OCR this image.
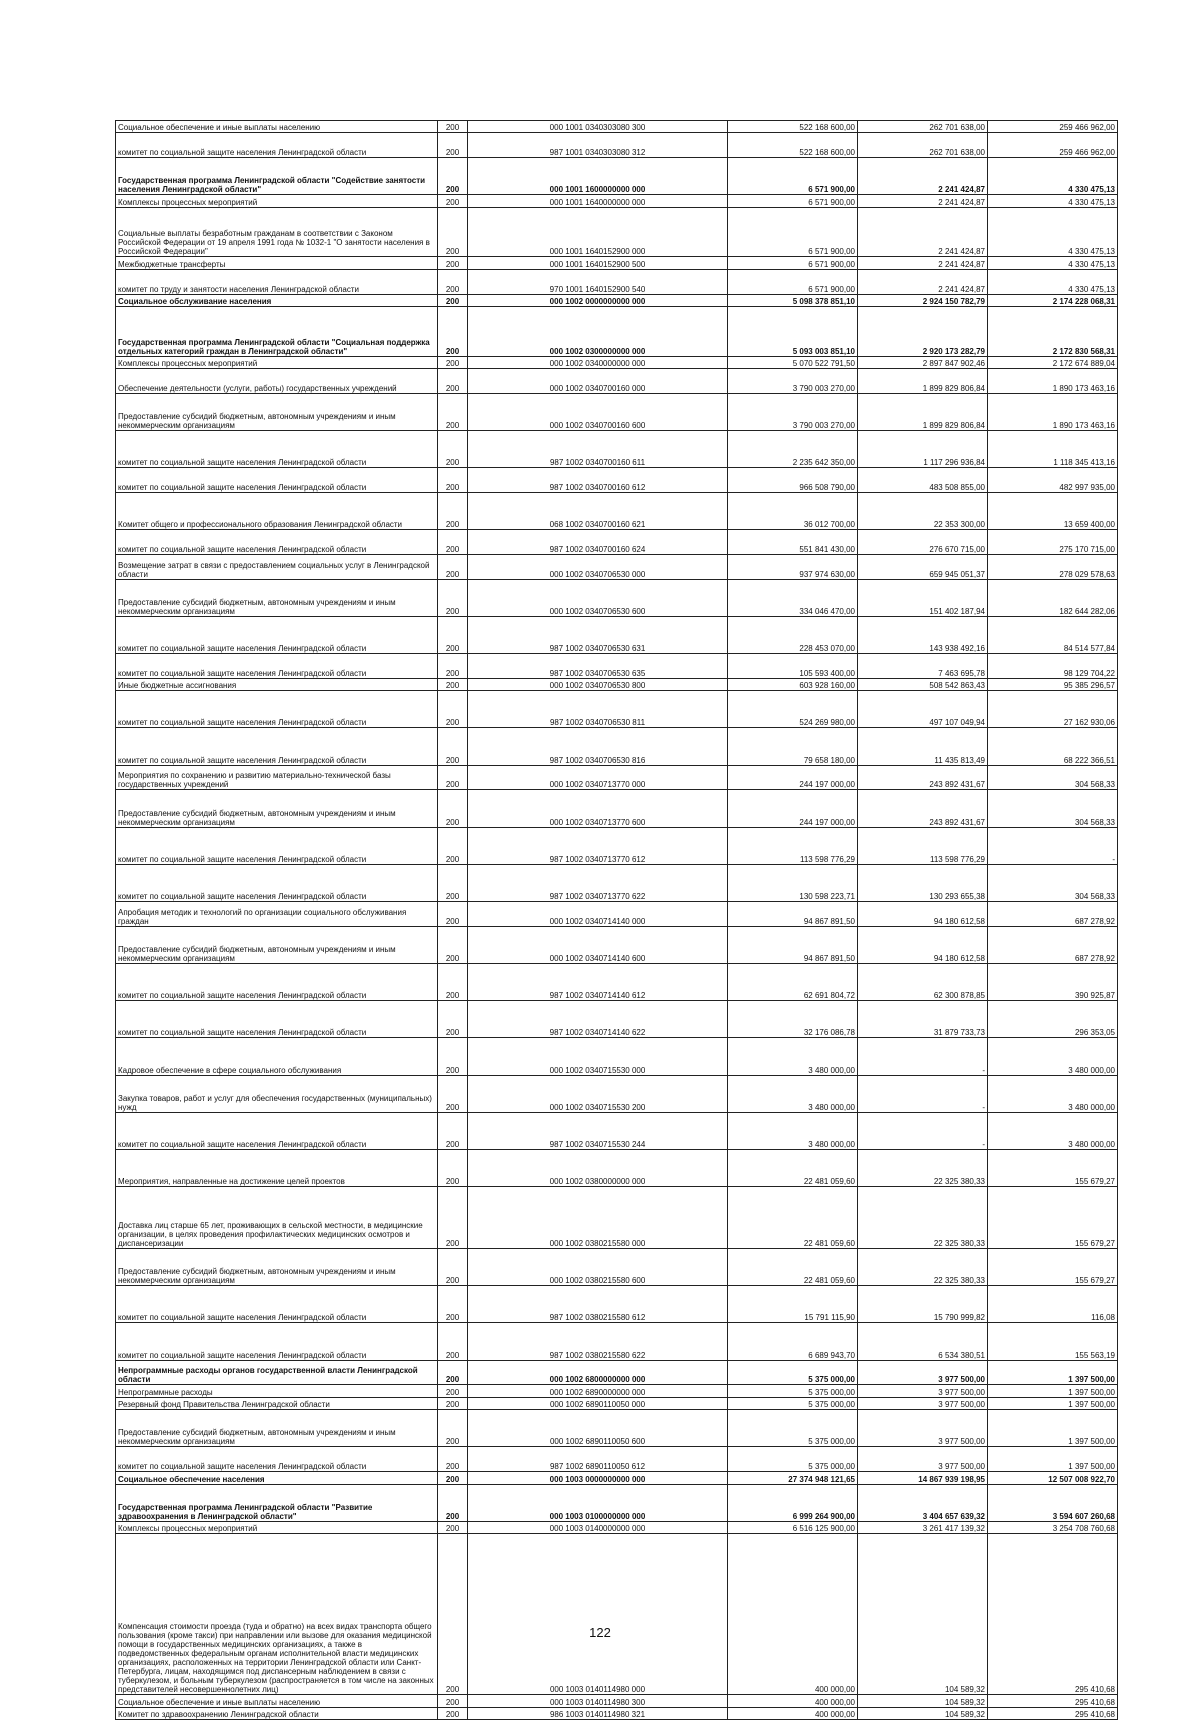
Социальное обеспечение и иные выплаты населению	200	000 1001 0340303080 300	522 168 600,00	262 701 638,00	259 466 962,00
комитет по социальной защите населения Ленинградской области	200	987 1001 0340303080 312	522 168 600,00	262 701 638,00	259 466 962,00
Государственная программа Ленинградской области "Содействие занятости населения Ленинградской области"	200	000 1001 1600000000 000	6 571 900,00	2 241 424,87	4 330 475,13
Комплексы процессных мероприятий	200	000 1001 1640000000 000	6 571 900,00	2 241 424,87	4 330 475,13
Социальные выплаты безработным гражданам в соответствии с Законом Российской Федерации от 19 апреля 1991 года № 1032-1 "О занятости населения в Российской Федерации"	200	000 1001 1640152900 000	6 571 900,00	2 241 424,87	4 330 475,13
Межбюджетные трансферты	200	000 1001 1640152900 500	6 571 900,00	2 241 424,87	4 330 475,13
комитет по труду и занятости населения Ленинградской области	200	970 1001 1640152900 540	6 571 900,00	2 241 424,87	4 330 475,13
Социальное обслуживание населения	200	000 1002 0000000000 000	5 098 378 851,10	2 924 150 782,79	2 174 228 068,31
Государственная программа Ленинградской области "Социальная поддержка отдельных категорий граждан в Ленинградской области"	200	000 1002 0300000000 000	5 093 003 851,10	2 920 173 282,79	2 172 830 568,31
Комплексы процессных мероприятий	200	000 1002 0340000000 000	5 070 522 791,50	2 897 847 902,46	2 172 674 889,04
Обеспечение деятельности (услуги, работы) государственных учреждений	200	000 1002 0340700160 000	3 790 003 270,00	1 899 829 806,84	1 890 173 463,16
Предоставление субсидий бюджетным, автономным учреждениям и иным некоммерческим организациям	200	000 1002 0340700160 600	3 790 003 270,00	1 899 829 806,84	1 890 173 463,16
комитет по социальной защите населения Ленинградской области	200	987 1002 0340700160 611	2 235 642 350,00	1 117 296 936,84	1 118 345 413,16
комитет по социальной защите населения Ленинградской области	200	987 1002 0340700160 612	966 508 790,00	483 508 855,00	482 997 935,00
Комитет общего и профессионального образования Ленинградской области	200	068 1002 0340700160 621	36 012 700,00	22 353 300,00	13 659 400,00
комитет по социальной защите населения Ленинградской области	200	987 1002 0340700160 624	551 841 430,00	276 670 715,00	275 170 715,00
Возмещение затрат в связи с предоставлением социальных услуг в Ленинградской области	200	000 1002 0340706530 000	937 974 630,00	659 945 051,37	278 029 578,63
Предоставление субсидий бюджетным, автономным учреждениям и иным некоммерческим организациям	200	000 1002 0340706530 600	334 046 470,00	151 402 187,94	182 644 282,06
комитет по социальной защите населения Ленинградской области	200	987 1002 0340706530 631	228 453 070,00	143 938 492,16	84 514 577,84
комитет по социальной защите населения Ленинградской области	200	987 1002 0340706530 635	105 593 400,00	7 463 695,78	98 129 704,22
Иные бюджетные ассигнования	200	000 1002 0340706530 800	603 928 160,00	508 542 863,43	95 385 296,57
комитет по социальной защите населения Ленинградской области	200	987 1002 0340706530 811	524 269 980,00	497 107 049,94	27 162 930,06
комитет по социальной защите населения Ленинградской области	200	987 1002 0340706530 816	79 658 180,00	11 435 813,49	68 222 366,51
Мероприятия по сохранению и развитию материально-технической базы государственных учреждений	200	000 1002 0340713770 000	244 197 000,00	243 892 431,67	304 568,33
Предоставление субсидий бюджетным, автономным учреждениям и иным некоммерческим организациям	200	000 1002 0340713770 600	244 197 000,00	243 892 431,67	304 568,33
комитет по социальной защите населения Ленинградской области	200	987 1002 0340713770 612	113 598 776,29	113 598 776,29	-
комитет по социальной защите населения Ленинградской области	200	987 1002 0340713770 622	130 598 223,71	130 293 655,38	304 568,33
Апробация методик и технологий по организации социального обслуживания граждан	200	000 1002 0340714140 000	94 867 891,50	94 180 612,58	687 278,92
Предоставление субсидий бюджетным, автономным учреждениям и иным некоммерческим организациям	200	000 1002 0340714140 600	94 867 891,50	94 180 612,58	687 278,92
комитет по социальной защите населения Ленинградской области	200	987 1002 0340714140 612	62 691 804,72	62 300 878,85	390 925,87
комитет по социальной защите населения Ленинградской области	200	987 1002 0340714140 622	32 176 086,78	31 879 733,73	296 353,05
Кадровое обеспечение в сфере социального обслуживания	200	000 1002 0340715530 000	3 480 000,00	-	3 480 000,00
Закупка товаров, работ и услуг для обеспечения государственных (муниципальных) нужд	200	000 1002 0340715530 200	3 480 000,00	-	3 480 000,00
комитет по социальной защите населения Ленинградской области	200	987 1002 0340715530 244	3 480 000,00	-	3 480 000,00
Мероприятия, направленные на достижение целей проектов	200	000 1002 0380000000 000	22 481 059,60	22 325 380,33	155 679,27
Доставка лиц старше 65 лет, проживающих в сельской местности, в медицинские организации, в целях проведения профилактических медицинских осмотров и диспансеризации	200	000 1002 0380215580 000	22 481 059,60	22 325 380,33	155 679,27
Предоставление субсидий бюджетным, автономным учреждениям и иным некоммерческим организациям	200	000 1002 0380215580 600	22 481 059,60	22 325 380,33	155 679,27
комитет по социальной защите населения Ленинградской области	200	987 1002 0380215580 612	15 791 115,90	15 790 999,82	116,08
комитет по социальной защите населения Ленинградской области	200	987 1002 0380215580 622	6 689 943,70	6 534 380,51	155 563,19
Непрограммные расходы органов государственной власти Ленинградской области	200	000 1002 6800000000 000	5 375 000,00	3 977 500,00	1 397 500,00
Непрограммные расходы	200	000 1002 6890000000 000	5 375 000,00	3 977 500,00	1 397 500,00
Резервный фонд Правительства Ленинградской области	200	000 1002 6890110050 000	5 375 000,00	3 977 500,00	1 397 500,00
Предоставление субсидий бюджетным, автономным учреждениям и иным некоммерческим организациям	200	000 1002 6890110050 600	5 375 000,00	3 977 500,00	1 397 500,00
комитет по социальной защите населения Ленинградской области	200	987 1002 6890110050 612	5 375 000,00	3 977 500,00	1 397 500,00
Социальное обеспечение населения	200	000 1003 0000000000 000	27 374 948 121,65	14 867 939 198,95	12 507 008 922,70
Государственная программа Ленинградской области "Развитие здравоохранения в Ленинградской области"	200	000 1003 0100000000 000	6 999 264 900,00	3 404 657 639,32	3 594 607 260,68
Комплексы процессных мероприятий	200	000 1003 0140000000 000	6 516 125 900,00	3 261 417 139,32	3 254 708 760,68
Компенсация стоимости проезда (туда и обратно) на всех видах транспорта общего пользования (кроме такси) при направлении или вызове для оказания медицинской помощи в государственных медицинских организациях, а также в подведомственных федеральным органам исполнительной власти медицинских организациях, расположенных на территории Ленинградской области или Санкт-Петербурга, лицам, находящимся под диспансерным наблюдением в связи с туберкулезом, и больным туберкулезом (распространяется в том числе на законных представителей несовершеннолетних лиц)	200	000 1003 0140114980 000	400 000,00	104 589,32	295 410,68
Социальное обеспечение и иные выплаты населению	200	000 1003 0140114980 300	400 000,00	104 589,32	295 410,68
Комитет по здравоохранению Ленинградской области	200	986 1003 0140114980 321	400 000,00	104 589,32	295 410,68
122
